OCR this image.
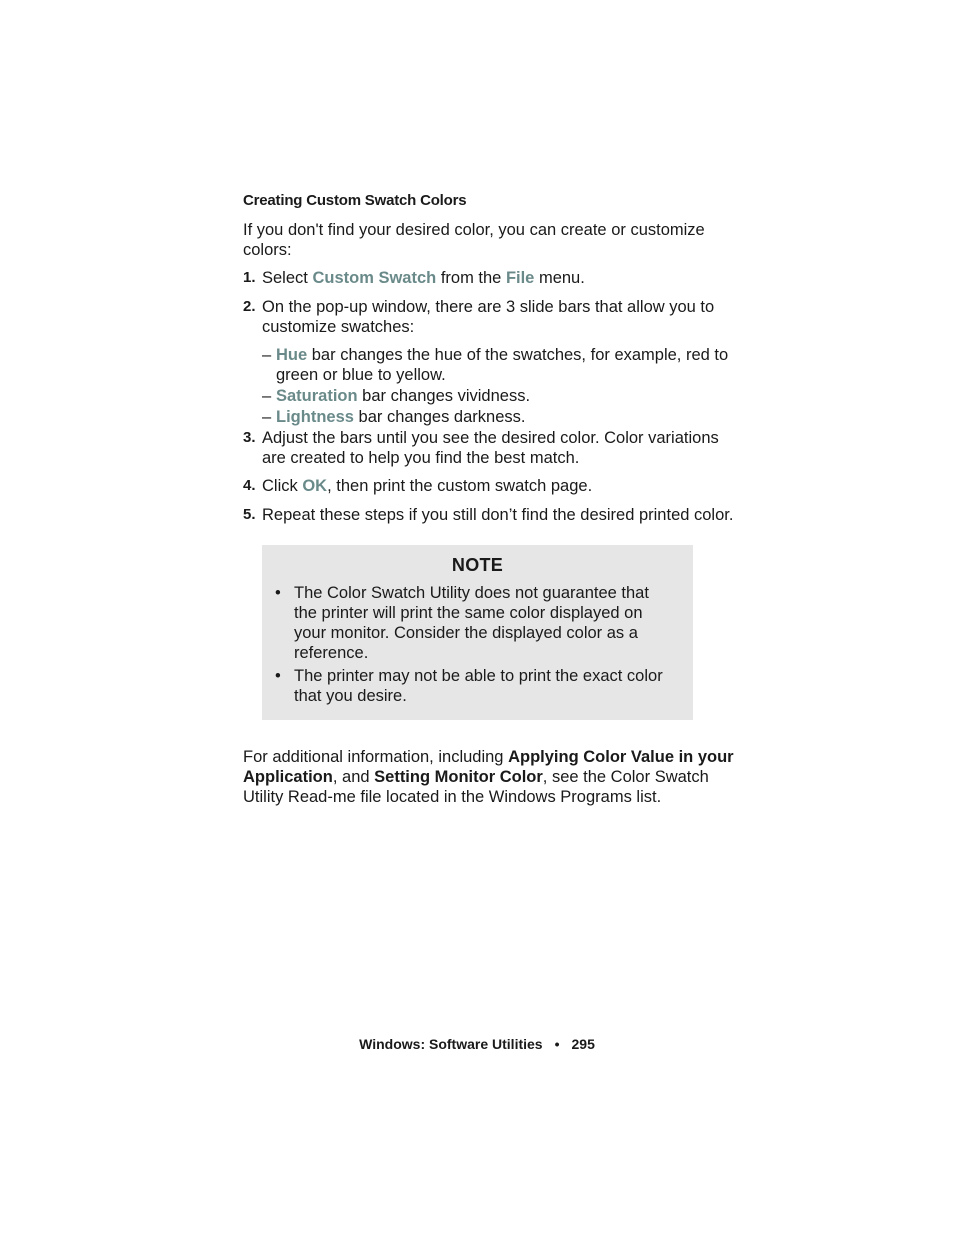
Creating Custom Swatch Colors
If you don't find your desired color, you can create or customize colors:
1. Select Custom Swatch from the File menu.
2. On the pop-up window, there are 3 slide bars that allow you to customize swatches:
– Hue bar changes the hue of the swatches, for example, red to green or blue to yellow.
– Saturation bar changes vividness.
– Lightness bar changes darkness.
3. Adjust the bars until you see the desired color. Color variations are created to help you find the best match.
4. Click OK, then print the custom swatch page.
5. Repeat these steps if you still don’t find the desired printed color.
For additional information, including Applying Color Value in your Application, and Setting Monitor Color, see the Color Swatch Utility Read-me file located in the Windows Programs list.
NOTE
• The Color Swatch Utility does not guarantee that the printer will print the same color displayed on your monitor. Consider the displayed color as a reference.
• The printer may not be able to print the exact color that you desire.
Windows: Software Utilities • 295
